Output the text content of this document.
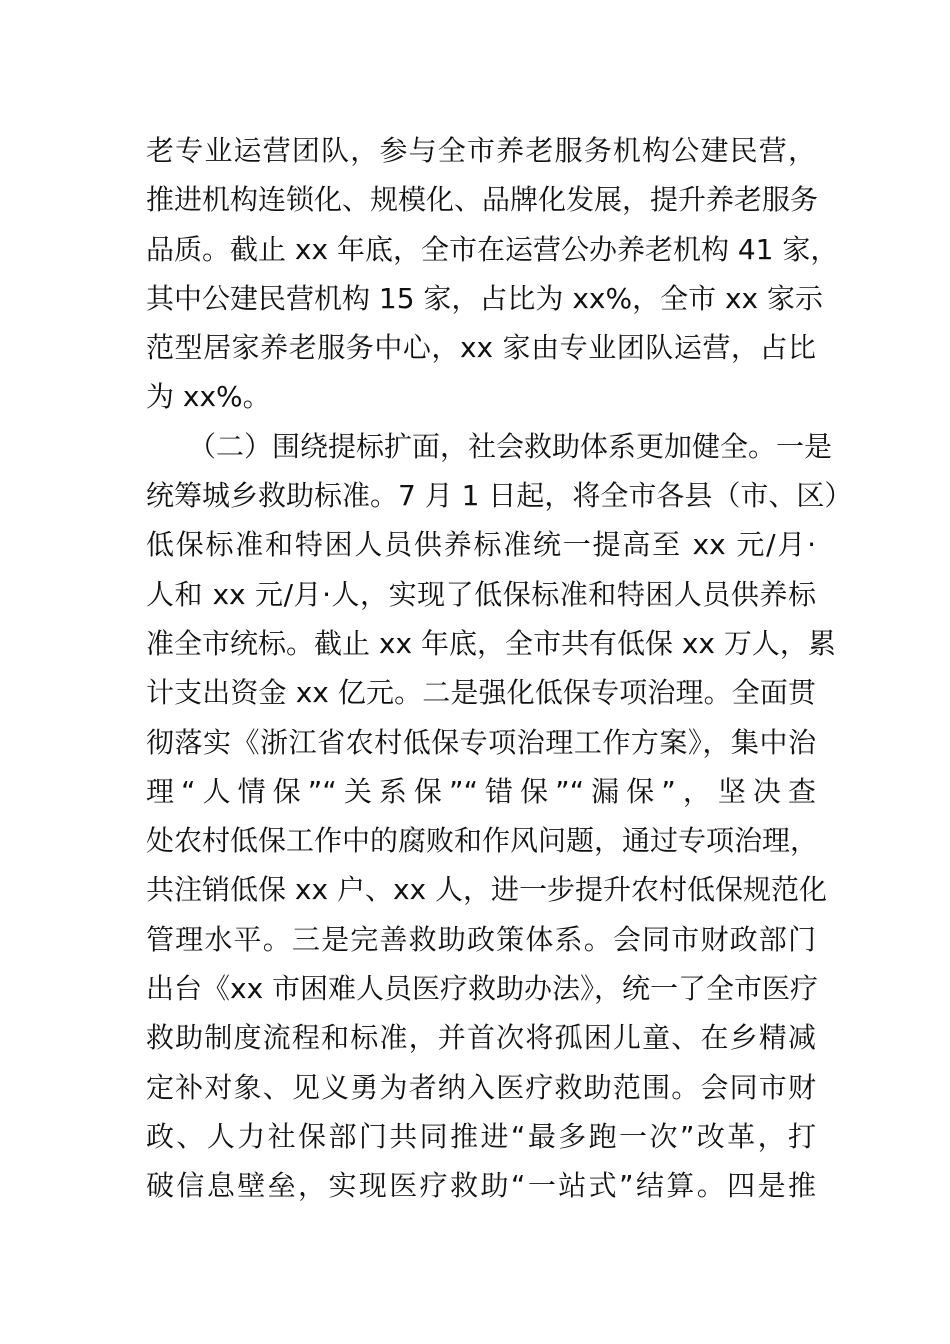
老专业运营团队，参与全市养老服务机构公建民营，
推进机构连锁化、规模化、品牌化发展，提升养老服务
品质。截止 xx 年底，全市在运营公办养老机构 41 家，
其中公建民营机构 15 家，占比为 xx%，全市 xx 家示
范型居家养老服务中心，xx 家由专业团队运营，占比
为 xx%。
（二）围绕提标扩面，社会救助体系更加健全。一是
统筹城乡救助标准。7 月 1 日起，将全市各县（市、区）
低保标准和特困人员供养标准统一提高至 xx 元/月·
人和 xx 元/月·人，实现了低保标准和特困人员供养标
准全市统标。截止 xx 年底，全市共有低保 xx 万人，累
计支出资金 xx 亿元。二是强化低保专项治理。全面贯
彻落实《浙江省农村低保专项治理工作方案》，集中治
理“人情保”“关系保”“错保”“漏保”，坚决查
处农村低保工作中的腐败和作风问题，通过专项治理，
共注销低保 xx 户、xx 人，进一步提升农村低保规范化
管理水平。三是完善救助政策体系。会同市财政部门
出台《xx 市困难人员医疗救助办法》，统一了全市医疗
救助制度流程和标准，并首次将孤困儿童、在乡精减
定补对象、见义勇为者纳入医疗救助范围。会同市财
政、人力社保部门共同推进“最多跑一次”改革，打
破信息壁垒，实现医疗救助“一站式”结算。四是推
